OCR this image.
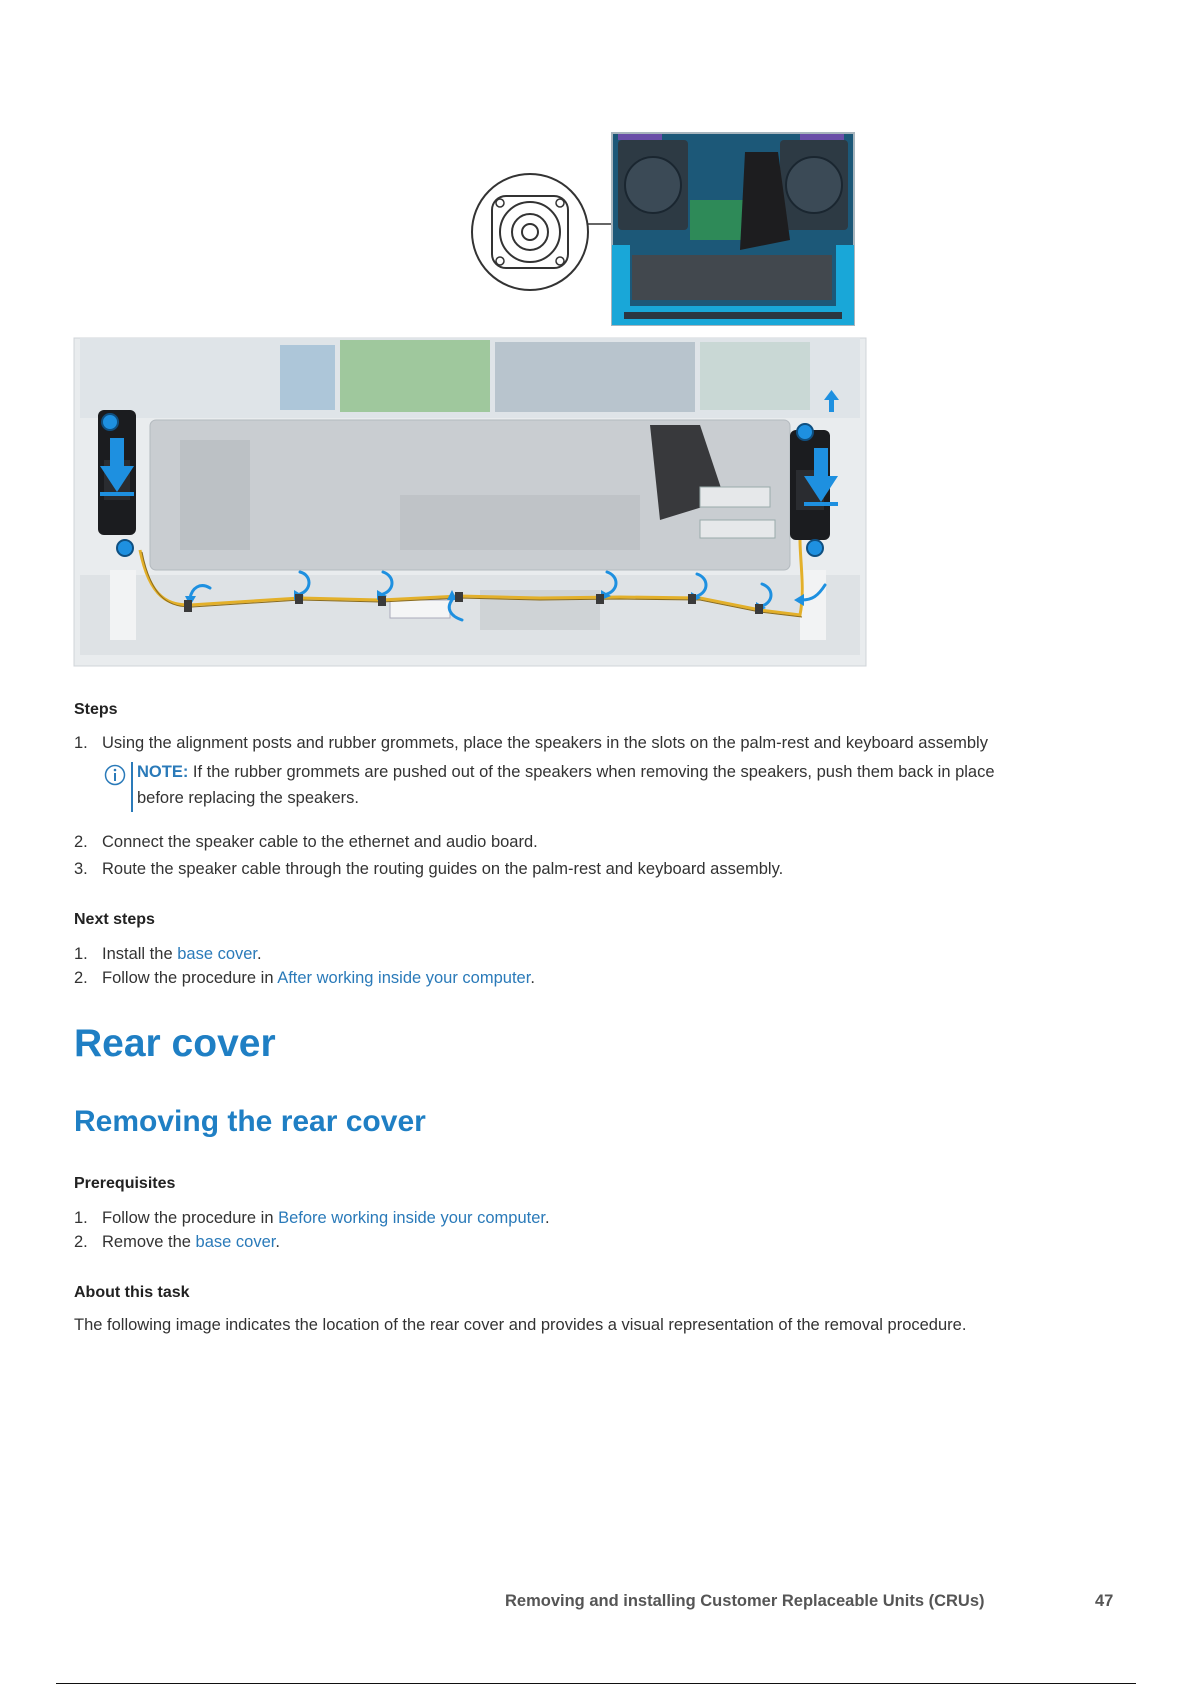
Steps
1. Using the alignment posts and rubber grommets, place the speakers in the slots on the palm-rest and keyboard assembly
NOTE: If the rubber grommets are pushed out of the speakers when removing the speakers, push them back in place
before replacing the speakers.
2. Connect the speaker cable to the ethernet and audio board.
3. Route the speaker cable through the routing guides on the palm-rest and keyboard assembly.
Next steps
1. Install the base cover.
2. Follow the procedure in After working inside your computer.
Rear cover
Removing the rear cover
Prerequisites
1. Follow the procedure in Before working inside your computer.
2. Remove the base cover.
About this task
The following image indicates the location of the rear cover and provides a visual representation of the removal procedure.
Removing and installing Customer Replaceable Units (CRUs)	47
